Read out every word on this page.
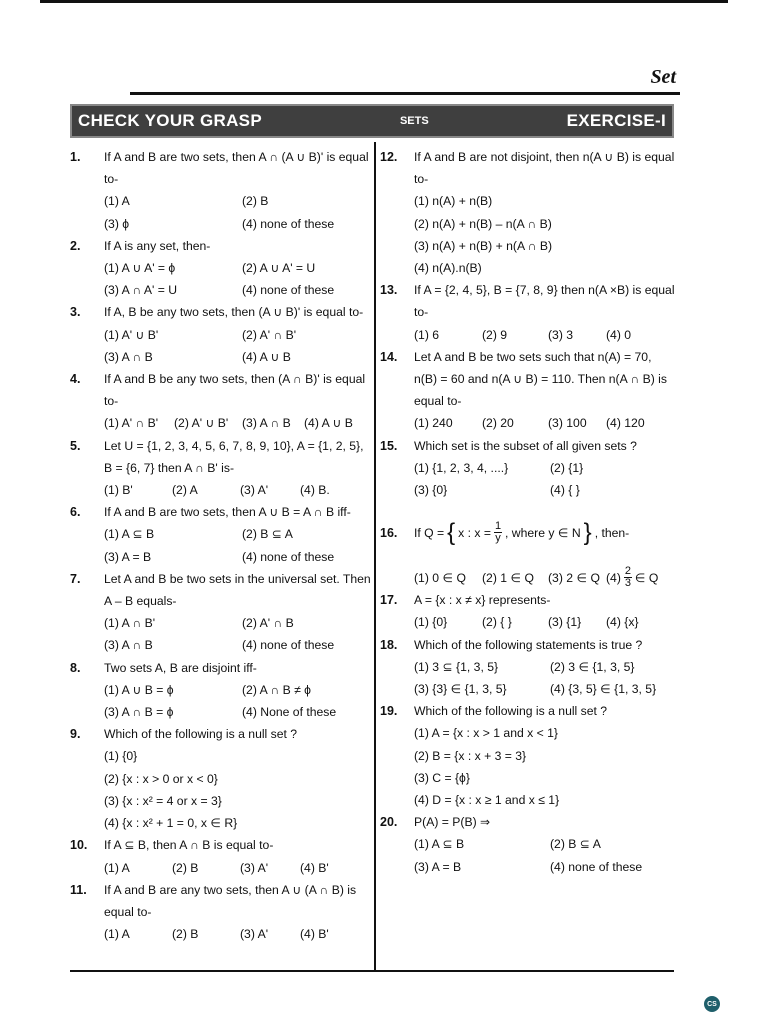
Set
CHECK YOUR GRASP	SETS	EXERCISE-I
1.	If A and B are two sets, then A ∩ (A ∪ B)' is equal
to-
(1) A	(2) B
(3) ϕ	(4) none of these
2.	If A is any set, then-
(1) A ∪ A' = ϕ	(2) A ∪ A' = U
(3) A ∩ A' = U	(4) none of these
3.	If A, B be any two sets, then (A ∪ B)' is equal to-
(1) A' ∪ B'	(2) A' ∩ B'
(3) A ∩ B	(4) A ∪ B
4.	If A and B be any two sets, then (A ∩ B)' is equal
to-
(1) A' ∩ B'	(2) A' ∪ B'	(3) A ∩ B	(4) A ∪ B
5.	Let U = {1, 2, 3, 4, 5, 6, 7, 8, 9, 10}, A = {1, 2, 5},
B = {6, 7} then A ∩ B' is-
(1) B'	(2) A	(3) A'	(4) B.
6.	If A and B are two sets, then A ∪ B = A ∩ B iff-
(1) A ⊆ B	(2) B ⊆ A
(3) A = B	(4) none of these
7.	Let A and B be two sets in the universal set. Then
A – B equals-
(1) A ∩ B'	(2) A' ∩ B
(3) A ∩ B	(4) none of these
8.	Two sets A, B are disjoint iff-
(1) A ∪ B = ϕ	(2) A ∩ B ≠ ϕ
(3) A ∩ B = ϕ	(4) None of these
9.	Which of the following is a null set ?
(1) {0}
(2) {x : x > 0 or x < 0}
(3) {x : x² = 4 or x = 3}
(4) {x : x² + 1 = 0, x ∈ R}
10.	If A ⊆ B, then A ∩ B is equal to-
(1) A	(2) B	(3) A'	(4) B'
11.	If A and B are any two sets, then A ∪ (A ∩ B) is
equal to-
(1) A	(2) B	(3) A'	(4) B'
12.	If A and B are not disjoint, then n(A ∪ B) is equal
to-
(1) n(A) + n(B)
(2) n(A) + n(B) – n(A ∩ B)
(3) n(A) + n(B) + n(A ∩ B)
(4) n(A).n(B)
13.	If A = {2, 4, 5}, B = {7, 8, 9} then n(A ×B) is equal
to-
(1) 6	(2) 9	(3) 3	(4) 0
14.	Let A and B be two sets such that n(A) = 70,
n(B) = 60 and n(A ∪ B) = 110. Then n(A ∩ B) is
equal to-
(1) 240	(2) 20	(3) 100	(4) 120
15.	Which set is the subset of all given sets ?
(1) {1, 2, 3, 4, ....}	(2) {1}
(3) {0}	(4) { }
16.	If Q = { x : $x = \frac{1}{y}$ , where y ∈ N } , then-
(1) 0 ∈ Q	(2) 1 ∈ Q	(3) 2 ∈ Q $(4) \frac{2}{3}$ ∈ Q
17.	A = {x : x ≠ x} represents-
(1) {0}	(2) { }	(3) {1}	(4) {x}
18.	Which of the following statements is true ?
(1) 3 ⊆ {1, 3, 5}	(2) 3 ∈ {1, 3, 5}
(3) {3} ∈ {1, 3, 5}	(4) {3, 5} ∈ {1, 3, 5}
19.	Which of the following is a null set ?
(1) A = {x : x > 1 and x < 1}
(2) B = {x : x + 3 = 3}
(3) C = {ϕ}
(4) D = {x : x ≥ 1 and x ≤ 1}
20.	P(A) = P(B) ⇒
(1) A ⊆ B	(2) B ⊆ A
(3) A = B	(4) none of these
CS
